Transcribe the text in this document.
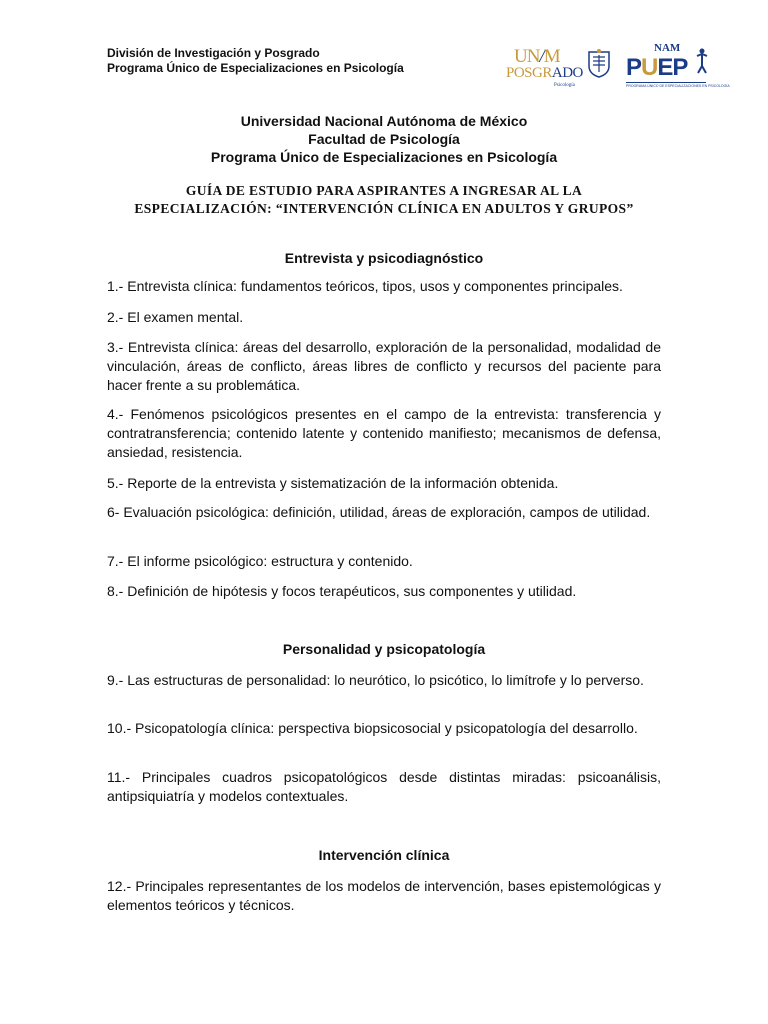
División de Investigación y Posgrado
Programa Único de Especializaciones en Psicología
UN/M
POSGRADO
Psicología
NAM
PUEP
PROGRAMA ÚNICO DE ESPECIALIZACIONES EN PSICOLOGÍA
Universidad Nacional Autónoma de México
Facultad de Psicología
Programa Único de Especializaciones en Psicología
GUÍA DE ESTUDIO PARA ASPIRANTES A INGRESAR AL LA
ESPECIALIZACIÓN: “INTERVENCIÓN CLÍNICA EN ADULTOS Y GRUPOS”
Entrevista y psicodiagnóstico
1.- Entrevista clínica: fundamentos teóricos, tipos, usos y componentes principales.
2.- El examen mental.
3.- Entrevista clínica: áreas del desarrollo, exploración de la personalidad, modalidad de vinculación, áreas de conflicto, áreas libres de conflicto y recursos del paciente para hacer frente a su problemática.
4.- Fenómenos psicológicos presentes en el campo de la entrevista: transferencia y contratransferencia; contenido latente y contenido manifiesto; mecanismos de defensa, ansiedad, resistencia.
5.- Reporte de la entrevista y sistematización de la información obtenida.
6- Evaluación psicológica: definición, utilidad, áreas de exploración, campos de utilidad.
7.- El informe psicológico: estructura y contenido.
8.- Definición de hipótesis y focos terapéuticos, sus componentes y utilidad.
Personalidad y psicopatología
9.- Las estructuras de personalidad: lo neurótico, lo psicótico, lo limítrofe y lo perverso.
10.- Psicopatología clínica: perspectiva biopsicosocial y psicopatología del desarrollo.
11.- Principales cuadros psicopatológicos desde distintas miradas: psicoanálisis, antipsiquiatría y modelos contextuales.
Intervención clínica
12.- Principales representantes de los modelos de intervención, bases epistemológicas y elementos teóricos y técnicos.
